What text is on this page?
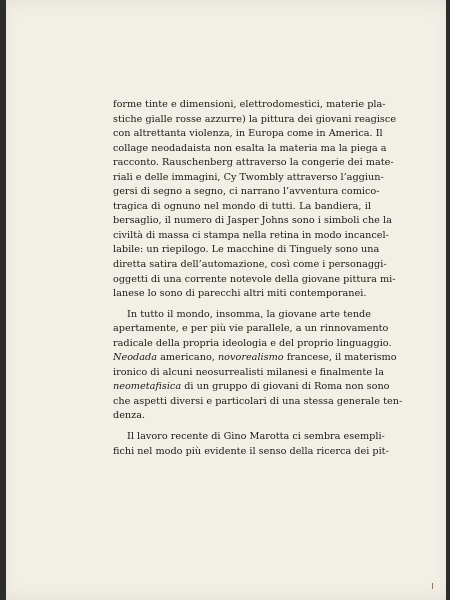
forme tinte e dimensioni, elettrodomestici, materie pla-
stiche gialle rosse azzurre) la pittura dei giovani reagisce
con altrettanta violenza, in Europa come in America. Il
collage neodadaista non esalta la materia ma la piega a
racconto. Rauschenberg attraverso la congerie dei mate-
riali e delle immagini, Cy Twombly attraverso l’aggiun-
gersi di segno a segno, ci narrano l’avventura comico-
tragica di ognuno nel mondo di tutti. La bandiera, il
bersaglio, il numero di Jasper Johns sono i simboli che la
civiltà di massa ci stampa nella retina in modo incancel-
labile: un riepilogo. Le macchine di Tinguely sono una
diretta satira dell’automazione, così come i personaggi-
oggetti di una corrente notevole della giovane pittura mi-
lanese lo sono di parecchi altri miti contemporanei.
In tutto il mondo, insomma, la giovane arte tende
apertamente, e per più vie parallele, a un rinnovamento
radicale della propria ideologia e del proprio linguaggio.
Neodada americano, novorealismo francese, il materismo
ironico di alcuni neosurrealisti milanesi e finalmente la
neometafisica di un gruppo di giovani di Roma non sono
che aspetti diversi e particolari di una stessa generale ten-
denza.
Il lavoro recente di Gino Marotta ci sembra esempli-
fichi nel modo più evidente il senso della ricerca dei pit-
